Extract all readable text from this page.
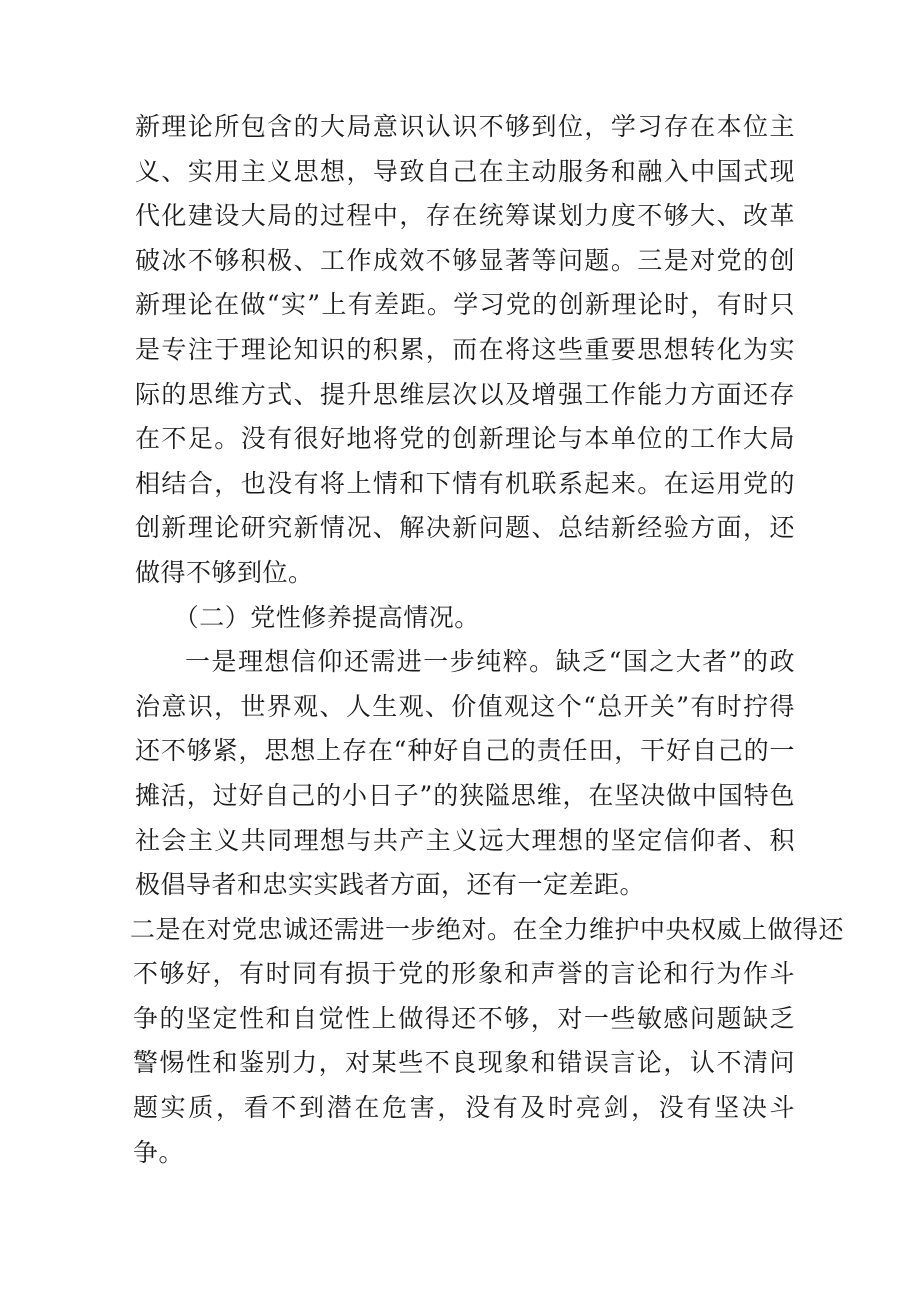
新理论所包含的大局意识认识不够到位，学习存在本位主义、实用主义思想，导致自己在主动服务和融入中国式现代化建设大局的过程中，存在统筹谋划力度不够大、改革破冰不够积极、工作成效不够显著等问题。三是对党的创新理论在做“实”上有差距。学习党的创新理论时，有时只是专注于理论知识的积累，而在将这些重要思想转化为实际的思维方式、提升思维层次以及增强工作能力方面还存在不足。没有很好地将党的创新理论与本单位的工作大局相结合，也没有将上情和下情有机联系起来。在运用党的创新理论研究新情况、解决新问题、总结新经验方面，还做得不够到位。

（二）党性修养提高情况。

一是理想信仰还需进一步纯粹。缺乏“国之大者”的政治意识，世界观、人生观、价值观这个“总开关”有时拧得还不够紧，思想上存在“种好自己的责任田，干好自己的一摊活，过好自己的小日子”的狭隘思维，在坚决做中国特色社会主义共同理想与共产主义远大理想的坚定信仰者、积极倡导者和忠实实践者方面，还有一定差距。

二是在对党忠诚还需进一步绝对。在全力维护中央权威上做得还
不够好，有时同有损于党的形象和声誉的言论和行为作斗争的坚定性和自觉性上做得还不够，对一些敏感问题缺乏警惕性和鉴别力，对某些不良现象和错误言论，认不清问题实质，看不到潜在危害，没有及时亮剑，没有坚决斗争。
